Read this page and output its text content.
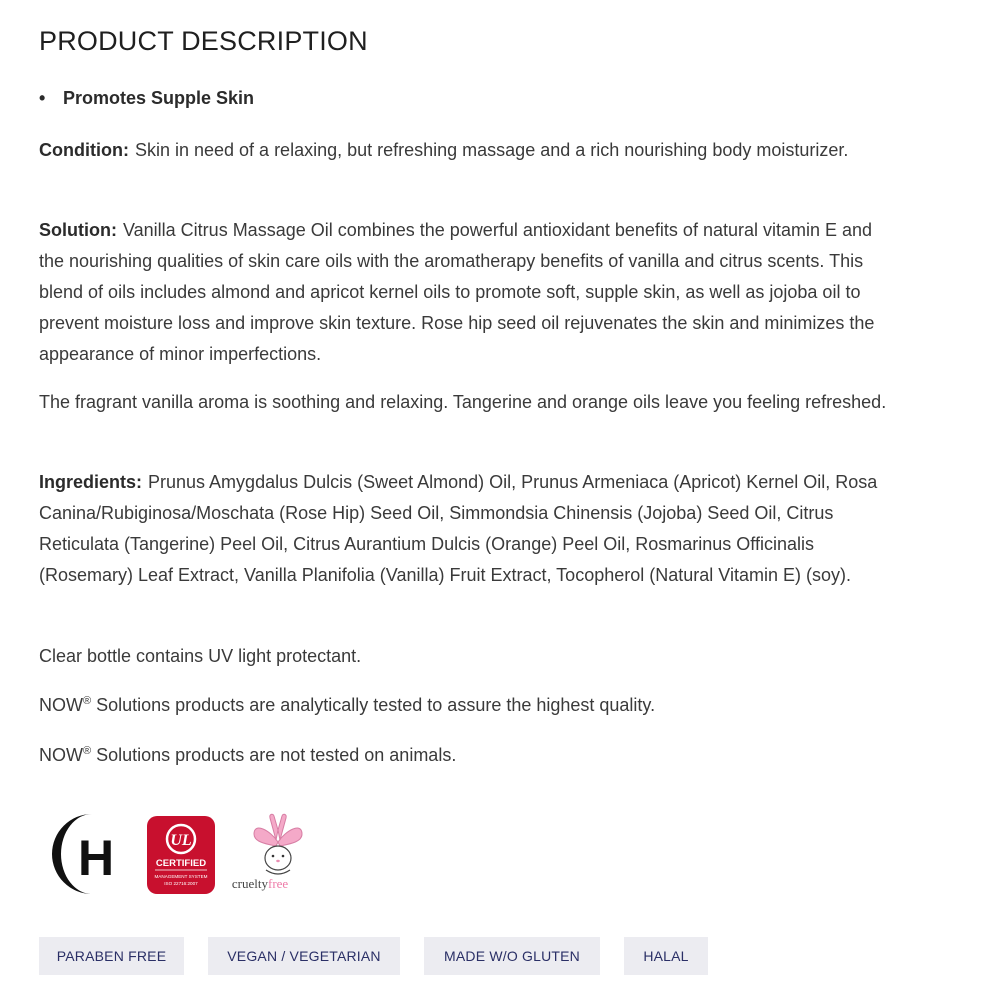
PRODUCT DESCRIPTION
• Promotes Supple Skin

Condition: Skin in need of a relaxing, but refreshing massage and a rich nourishing body moisturizer.

Solution: Vanilla Citrus Massage Oil combines the powerful antioxidant benefits of natural vitamin E and the nourishing qualities of skin care oils with the aromatherapy benefits of vanilla and citrus scents. This blend of oils includes almond and apricot kernel oils to promote soft, supple skin, as well as jojoba oil to prevent moisture loss and improve skin texture. Rose hip seed oil rejuvenates the skin and minimizes the appearance of minor imperfections.

The fragrant vanilla aroma is soothing and relaxing. Tangerine and orange oils leave you feeling refreshed.

Ingredients: Prunus Amygdalus Dulcis (Sweet Almond) Oil, Prunus Armeniaca (Apricot) Kernel Oil, Rosa Canina/Rubiginosa/Moschata (Rose Hip) Seed Oil, Simmondsia Chinensis (Jojoba) Seed Oil, Citrus Reticulata (Tangerine) Peel Oil, Citrus Aurantium Dulcis (Orange) Peel Oil, Rosmarinus Officinalis (Rosemary) Leaf Extract, Vanilla Planifolia (Vanilla) Fruit Extract, Tocopherol (Natural Vitamin E) (soy).

Clear bottle contains UV light protectant.

NOW® Solutions products are analytically tested to assure the highest quality.

NOW® Solutions products are not tested on animals.

H	UL
CERTIFIED
MANAGEMENT SYSTEM
ISO 22716:2007	cruelty free
PARABEN FREE	VEGAN / VEGETARIAN	MADE W/O GLUTEN	HALAL
